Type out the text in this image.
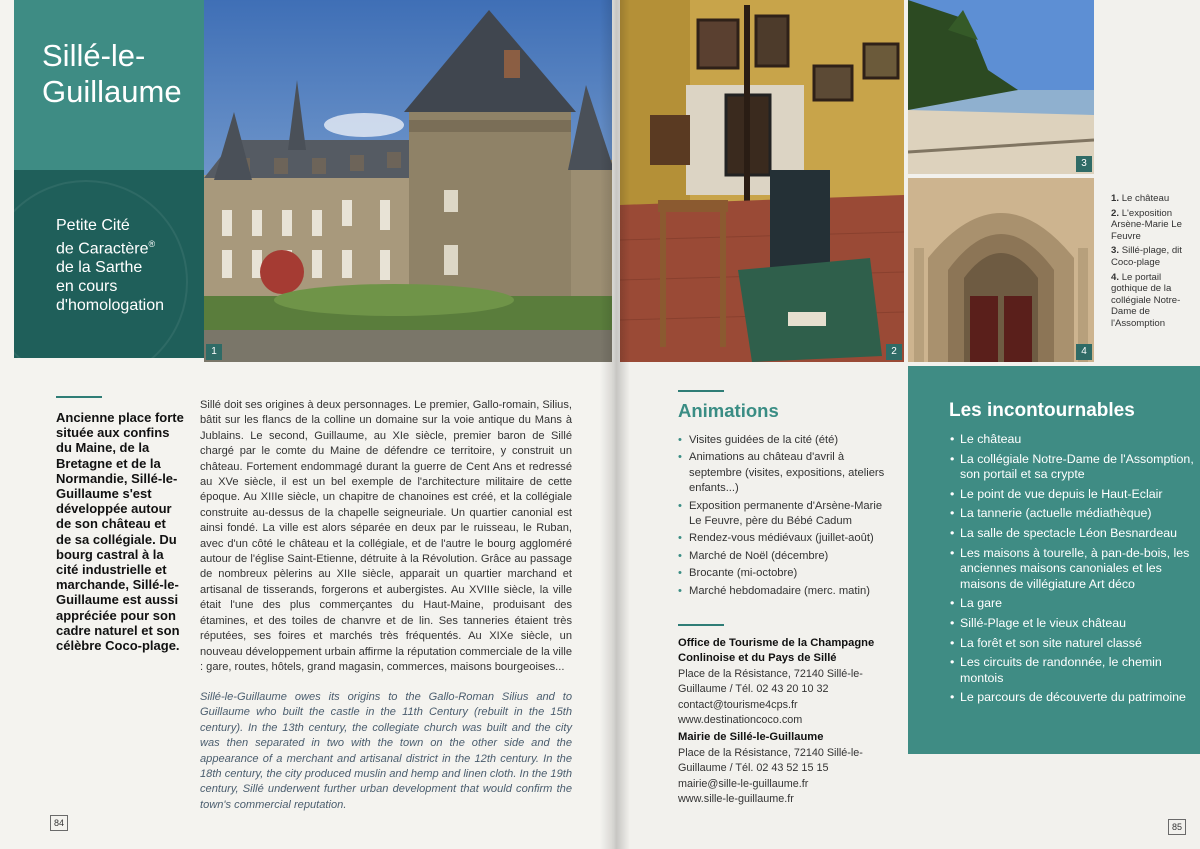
Sillé-le-Guillaume

Petite Cité
de Caractère®
de la Sarthe
en cours
d'homologation

1

Ancienne place forte située aux confins du Maine, de la Bretagne et de la Normandie, Sillé-le-Guillaume s'est développée autour de son château et de sa collégiale. Du bourg castral à la cité industrielle et marchande, Sillé-le-Guillaume est aussi appréciée pour son cadre naturel et son célèbre Coco-plage.

Sillé doit ses origines à deux personnages. Le premier, Gallo-romain, Silius, bâtit sur les flancs de la colline un domaine sur la voie antique du Mans à Jublains. Le second, Guillaume, au XIe siècle, premier baron de Sillé chargé par le comte du Maine de défendre ce territoire, y construit un château. Fortement endommagé durant la guerre de Cent Ans et redressé au XVe siècle, il est un bel exemple de l'architecture militaire de cette époque. Au XIIIe siècle, un chapitre de chanoines est créé, et la collégiale construite au-dessus de la chapelle seigneuriale. Un quartier canonial est ainsi fondé. La ville est alors séparée en deux par le ruisseau, le Ruban, avec d'un côté le château et la collégiale, et de l'autre le bourg aggloméré autour de l'église Saint-Etienne, détruite à la Révolution. Grâce au passage de nombreux pèlerins au XIIe siècle, apparait un quartier marchand et artisanal de tisserands, forgerons et aubergistes. Au XVIIIe siècle, la ville était l'une des plus commerçantes du Haut-Maine, produisant des étamines, et des toiles de chanvre et de lin. Ses tanneries étaient très réputées, ses foires et marchés très fréquentés. Au XIXe siècle, un nouveau développement urbain affirme la réputation commerciale de la ville : gare, routes, hôtels, grand magasin, commerces, maisons bourgeoises...

Sillé-le-Guillaume owes its origins to the Gallo-Roman Silius and to Guillaume who built the castle in the 11th Century (rebuilt in the 15th century). In the 13th century, the collegiate church was built and the city was then separated in two with the town on the other side and the appearance of a merchant and artisanal district in the 12th century. In the 18th century, the city produced muslin and hemp and linen cloth. In the 19th century, Sillé underwent further urban development that would confirm the town's commercial reputation.

84
2
3
4
1. Le château
2. L'exposition Arsène-Marie Le Feuvre
3. Sillé-plage, dit Coco-plage
4. Le portail gothique de la collégiale Notre-Dame de l'Assomption
Animations
• Visites guidées de la cité (été)
• Animations au château d'avril à septembre (visites, expositions, ateliers enfants...)
• Exposition permanente d'Arsène-Marie Le Feuvre, père du Bébé Cadum
• Rendez-vous médiévaux (juillet-août)
• Marché de Noël (décembre)
• Brocante (mi-octobre)
• Marché hebdomadaire (merc. matin)
Office de Tourisme de la Champagne Conlinoise et du Pays de Sillé
Place de la Résistance, 72140 Sillé-le-Guillaume / Tél. 02 43 20 10 32
contact@tourisme4cps.fr
www.destinationcoco.com
Mairie de Sillé-le-Guillaume
Place de la Résistance, 72140 Sillé-le-Guillaume / Tél. 02 43 52 15 15
mairie@sille-le-guillaume.fr
www.sille-le-guillaume.fr
Les incontournables
• Le château
• La collégiale Notre-Dame de l'Assomption, son portail et sa crypte
• Le point de vue depuis le Haut-Eclair
• La tannerie (actuelle médiathèque)
• La salle de spectacle Léon Besnardeau
• Les maisons à tourelle, à pan-de-bois, les anciennes maisons canoniales et les maisons de villégiature Art déco
• La gare
• Sillé-Plage et le vieux château
• La forêt et son site naturel classé
• Les circuits de randonnée, le chemin montois
• Le parcours de découverte du patrimoine
85
